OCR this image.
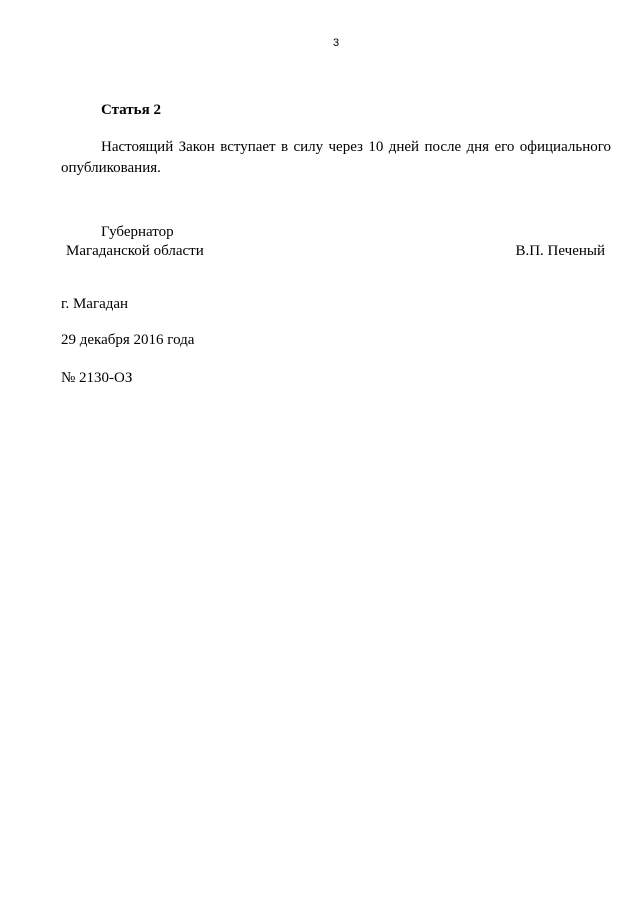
3
Статья 2
Настоящий Закон вступает в силу через 10 дней после дня его официального опубликования.
Губернатор
Магаданской области	В.П. Печеный
г. Магадан
29 декабря 2016 года
№ 2130-ОЗ
